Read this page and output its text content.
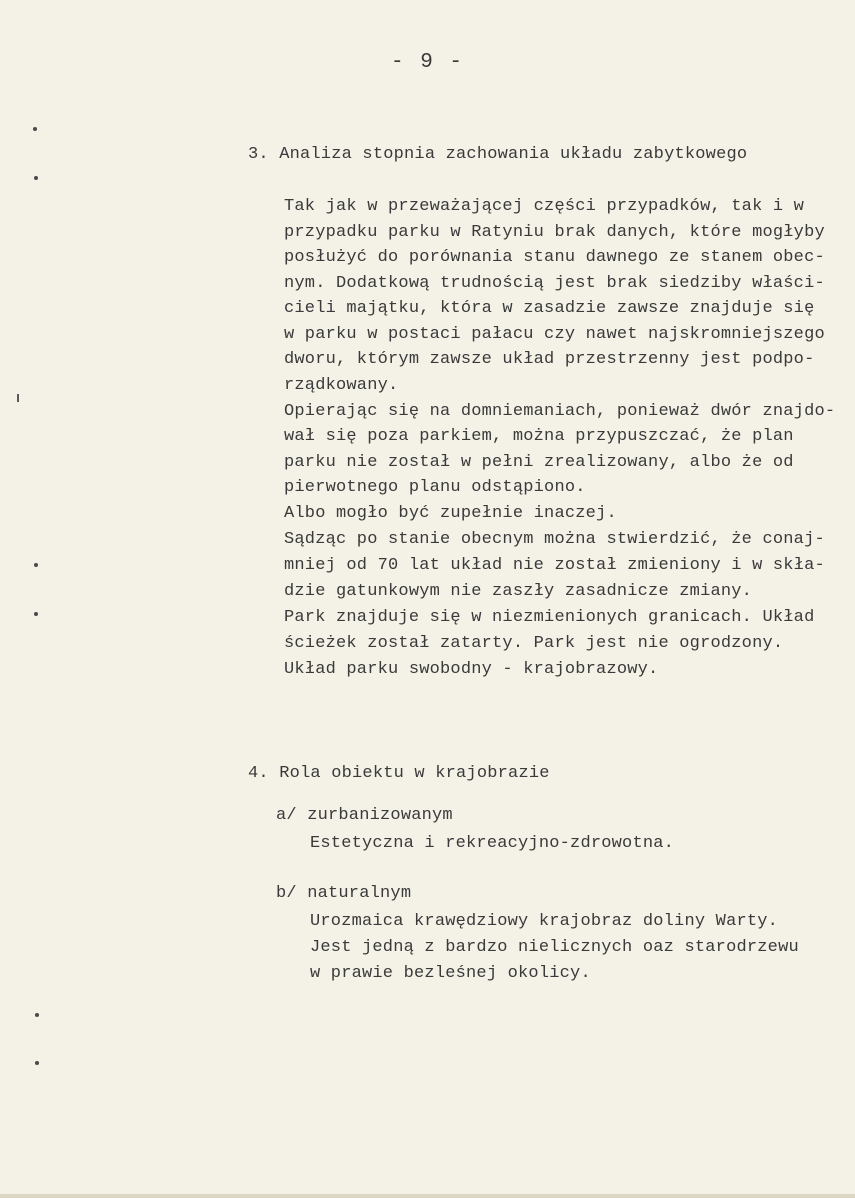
- 9 -
3. Analiza stopnia zachowania układu zabytkowego
Tak jak w przeważającej części przypadków, tak i w
przypadku parku w Ratyniu brak danych, które mogłyby
posłużyć do porównania stanu dawnego ze stanem obec-
nym. Dodatkową trudnością jest brak siedziby właści-
cieli majątku, która w zasadzie zawsze znajduje się
w parku w postaci pałacu czy nawet najskromniejszego
dworu, którym zawsze układ przestrzenny jest podpo-
rządkowany.
Opierając się na domniemaniach, ponieważ dwór znajdo-
wał się poza parkiem, można przypuszczać, że plan
parku nie został w pełni zrealizowany, albo że od
pierwotnego planu odstąpiono.
Albo mogło być zupełnie inaczej.
Sądząc po stanie obecnym można stwierdzić, że conaj-
mniej od 70 lat układ nie został zmieniony i w skła-
dzie gatunkowym nie zaszły zasadnicze zmiany.
Park znajduje się w niezmienionych granicach. Układ
ścieżek został zatarty. Park jest nie ogrodzony.
Układ parku swobodny - krajobrazowy.
4. Rola obiektu w krajobrazie
a/ zurbanizowanym
Estetyczna i rekreacyjno-zdrowotna.
b/ naturalnym
Urozmaica krawędziowy krajobraz doliny Warty.
Jest jedną z bardzo nielicznych oaz starodrzewu
w prawie bezleśnej okolicy.
